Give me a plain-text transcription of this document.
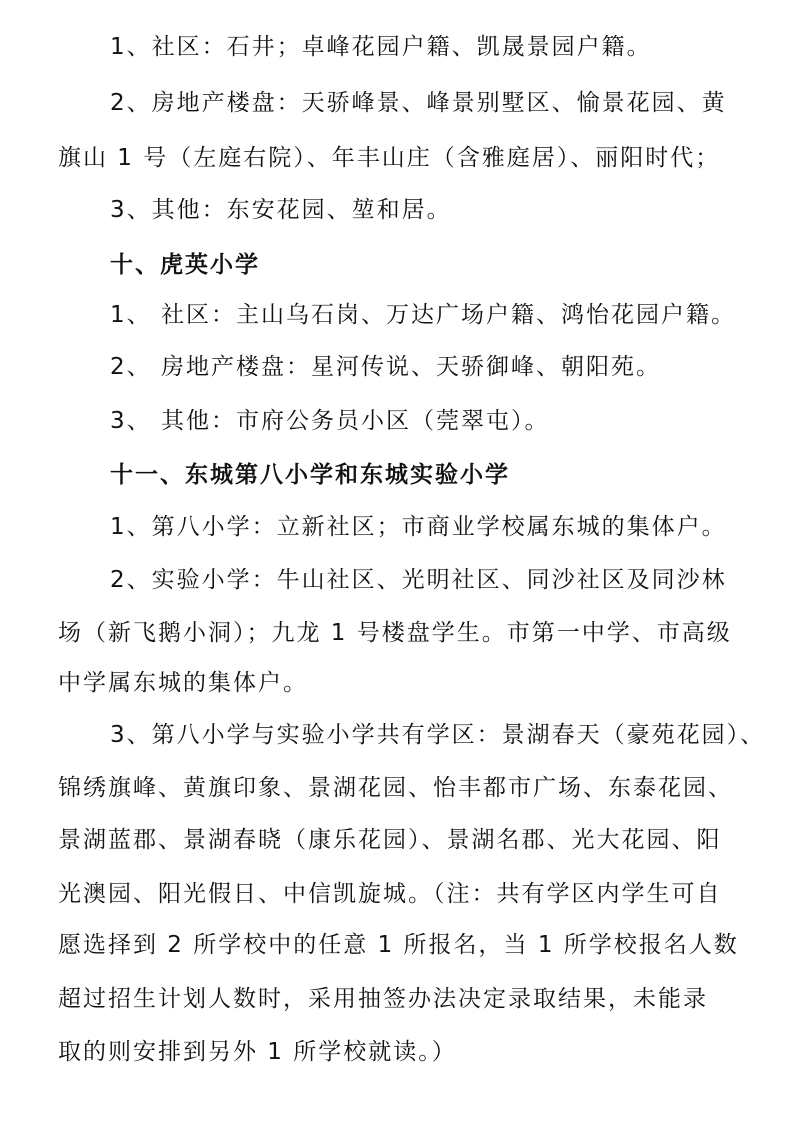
1、社区：石井；卓峰花园户籍、凯晟景园户籍。
2、房地产楼盘：天骄峰景、峰景别墅区、愉景花园、黄
旗山 1 号（左庭右院）、年丰山庄（含雅庭居）、丽阳时代；
3、其他：东安花园、堃和居。
十、虎英小学
1、 社区：主山乌石岗、万达广场户籍、鸿怡花园户籍。
2、 房地产楼盘：星河传说、天骄御峰、朝阳苑。
3、 其他：市府公务员小区（莞翠屯）。
十一、东城第八小学和东城实验小学
1、第八小学：立新社区；市商业学校属东城的集体户。
2、实验小学：牛山社区、光明社区、同沙社区及同沙林
场（新飞鹅小洞）；九龙 1 号楼盘学生。市第一中学、市高级
中学属东城的集体户。
3、第八小学与实验小学共有学区：景湖春天（豪苑花园）、
锦绣旗峰、黄旗印象、景湖花园、怡丰都市广场、东泰花园、
景湖蓝郡、景湖春晓（康乐花园）、景湖名郡、光大花园、阳
光澳园、阳光假日、中信凯旋城。（注：共有学区内学生可自
愿选择到 2 所学校中的任意 1 所报名，当 1 所学校报名人数
超过招生计划人数时，采用抽签办法决定录取结果，未能录
取的则安排到另外 1 所学校就读。）
